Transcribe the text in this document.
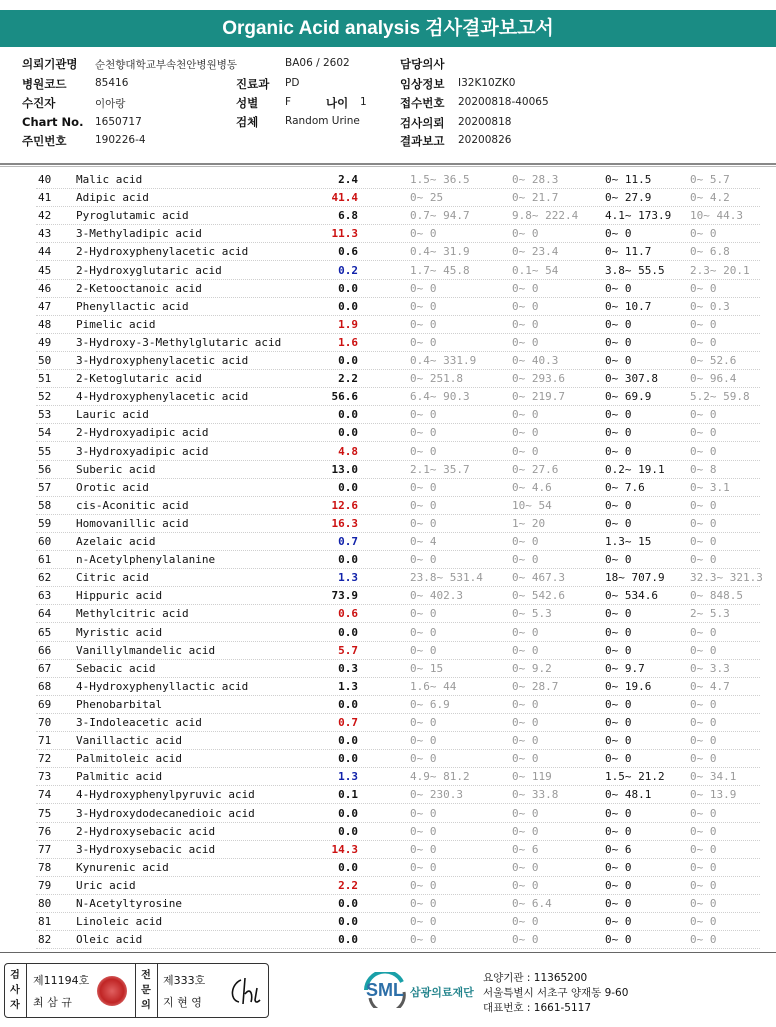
Organic Acid analysis 검사결과보고서
의뢰기관명 순천향대학교부속천안병원병동	BA06 / 2602	담당의사
병원코드	85416	진료과 PD	임상정보 I32K10ZK0
수진자	이아랑	성별	F	나이 1	접수번호 20200818-40065
Chart No. 1650717	검체	Random Urine	검사의뢰 20200818
주민번호	190226-4	결과보고 20200826
40	Malic acid	2.4	1.5~ 36.5	0~ 28.3	0~ 11.5	0~ 5.7
41	Adipic acid	41.4	0~ 25	0~ 21.7	0~ 27.9	0~ 4.2
42	Pyroglutamic acid	6.8	0.7~ 94.7	9.8~ 222.4 4.1~ 173.9 10~ 44.3
43	3-Methyladipic acid	11.3	0~ 0	0~ 0	0~ 0	0~ 0
44	2-Hydroxyphenylacetic acid	0.6	0.4~ 31.9	0~ 23.4	0~ 11.7	0~ 6.8
45	2-Hydroxyglutaric acid	0.2	1.7~ 45.8	0.1~ 54	3.8~ 55.5 2.3~ 20.1
46	2-Ketooctanoic acid	0.0	0~ 0	0~ 0	0~ 0	0~ 0
47	Phenyllactic acid	0.0	0~ 0	0~ 0	0~ 10.7	0~ 0.3
48	Pimelic acid	1.9	0~ 0	0~ 0	0~ 0	0~ 0
49	3-Hydroxy-3-Methylglutaric acid	1.6	0~ 0	0~ 0	0~ 0	0~ 0
50	3-Hydroxyphenylacetic acid	0.0	0.4~ 331.9	0~ 40.3	0~ 0	0~ 52.6
51	2-Ketoglutaric acid	2.2	0~ 251.8	0~ 293.6	0~ 307.8	0~ 96.4
52	4-Hydroxyphenylacetic acid	56.6	6.4~ 90.3	0~ 219.7	0~ 69.9	5.2~ 59.8
53	Lauric acid	0.0	0~ 0	0~ 0	0~ 0	0~ 0
54	2-Hydroxyadipic acid	0.0	0~ 0	0~ 0	0~ 0	0~ 0
55	3-Hydroxyadipic acid	4.8	0~ 0	0~ 0	0~ 0	0~ 0
56	Suberic acid	13.0	2.1~ 35.7	0~ 27.6	0.2~ 19.1 0~ 8
57	Orotic acid	0.0	0~ 0	0~ 4.6	0~ 7.6	0~ 3.1
58	cis-Aconitic acid	12.6	0~ 0	10~ 54	0~ 0	0~ 0
59	Homovanillic acid	16.3	0~ 0	1~ 20	0~ 0	0~ 0
60	Azelaic acid	0.7	0~ 4	0~ 0	1.3~ 15	0~ 0
61	n-Acetylphenylalanine	0.0	0~ 0	0~ 0	0~ 0	0~ 0
62	Citric acid	1.3	23.8~ 531.4	0~ 467.3	18~ 707.9 32.3~ 321.3
63	Hippuric acid	73.9	0~ 402.3	0~ 542.6	0~ 534.6	0~ 848.5
64	Methylcitric acid	0.6	0~ 0	0~ 5.3	0~ 0	2~ 5.3
65	Myristic acid	0.0	0~ 0	0~ 0	0~ 0	0~ 0
66	Vanillylmandelic acid	5.7	0~ 0	0~ 0	0~ 0	0~ 0
67	Sebacic acid	0.3	0~ 15	0~ 9.2	0~ 9.7	0~ 3.3
68	4-Hydroxyphenyllactic acid	1.3	1.6~ 44	0~ 28.7	0~ 19.6	0~ 4.7
69	Phenobarbital	0.0	0~ 6.9	0~ 0	0~ 0	0~ 0
70	3-Indoleacetic acid	0.7	0~ 0	0~ 0	0~ 0	0~ 0
71	Vanillactic acid	0.0	0~ 0	0~ 0	0~ 0	0~ 0
72	Palmitoleic acid	0.0	0~ 0	0~ 0	0~ 0	0~ 0
73	Palmitic acid	1.3	4.9~ 81.2	0~ 119	1.5~ 21.2 0~ 34.1
74	4-Hydroxyphenylpyruvic acid	0.1	0~ 230.3	0~ 33.8	0~ 48.1	0~ 13.9
75	3-Hydroxydodecanedioic acid	0.0	0~ 0	0~ 0	0~ 0	0~ 0
76	2-Hydroxysebacic acid	0.0	0~ 0	0~ 0	0~ 0	0~ 0
77	3-Hydroxysebacic acid	14.3	0~ 0	0~ 6	0~ 6	0~ 0
78	Kynurenic acid	0.0	0~ 0	0~ 0	0~ 0	0~ 0
79	Uric acid	2.2	0~ 0	0~ 0	0~ 0	0~ 0
80	N-Acetyltyrosine	0.0	0~ 0	0~ 6.4	0~ 0	0~ 0
81	Linoleic acid	0.0	0~ 0	0~ 0	0~ 0	0~ 0
82	Oleic acid	0.0	0~ 0	0~ 0	0~ 0	0~ 0
검사자
제11194호
최 삼 규
전문의
제333호
지 현 영
SML 삼광의료재단
요양기관 : 11365200
서울특별시 서초구 양재동 9-60
대표번호 : 1661-5117
